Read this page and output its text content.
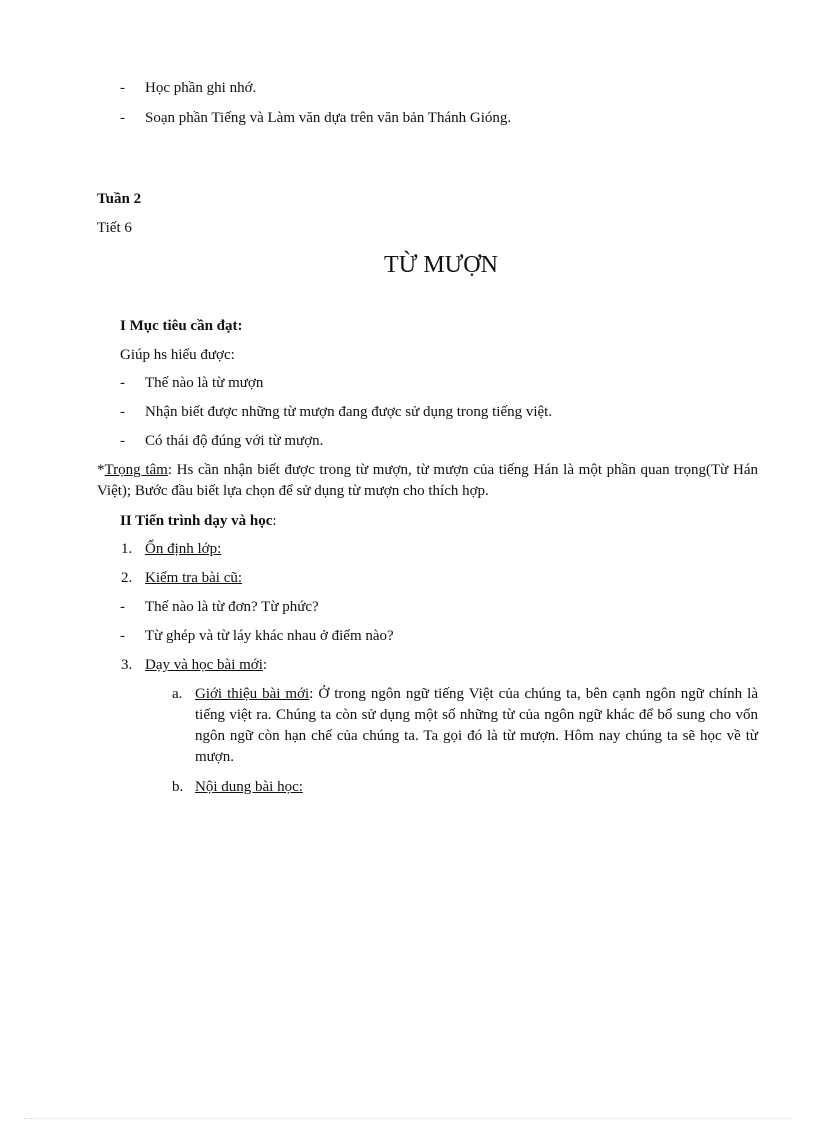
- Học phần ghi nhớ.
- Soạn phần Tiếng và Làm văn dựa trên văn bản Thánh Gióng.
Tuần 2
Tiết 6
TỪ MƯỢN
I Mục tiêu cần đạt:
Giúp hs hiểu được:
- Thế nào là từ mượn
- Nhận biết được những từ mượn đang được sử dụng trong tiếng việt.
- Có thái độ đúng với từ mượn.
*Trọng tâm: Hs cần nhận biết được trong từ mượn, từ mượn của tiếng Hán là một phần quan trọng(Từ Hán Việt); Bước đầu biết lựa chọn để sử dụng từ mượn cho thích hợp.
II Tiến trình dạy và học:
1. Ổn định lớp:
2. Kiểm tra bài cũ:
- Thế nào là từ đơn? Từ phức?
- Từ ghép và từ láy khác nhau ở điểm nào?
3. Dạy và học bài mới:
a. Giới thiệu bài mới: Ở trong ngôn ngữ tiếng Việt của chúng ta, bên cạnh ngôn ngữ chính là tiếng việt ra. Chúng ta còn sử dụng một số những từ của ngôn ngữ khác để bổ sung cho vốn ngôn ngữ còn hạn chế của chúng ta. Ta gọi đó là từ mượn. Hôm nay chúng ta sẽ học về từ mượn.
b. Nội dung bài học:
